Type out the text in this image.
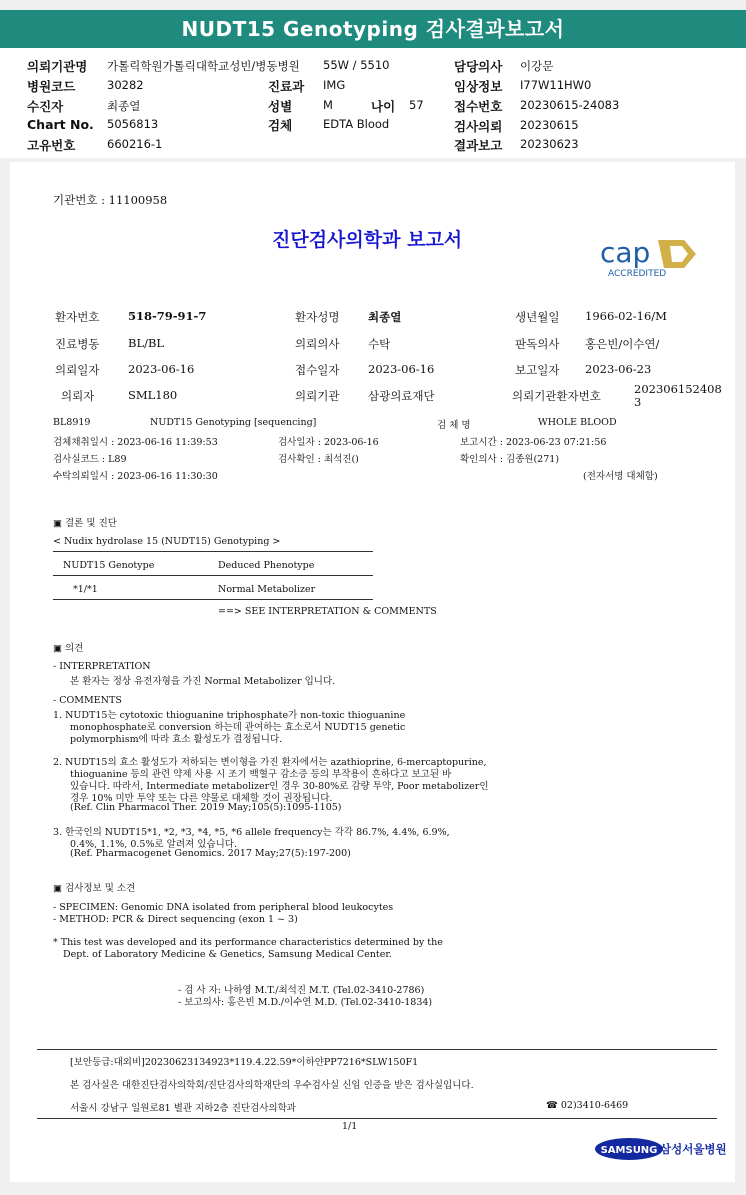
NUDT15 Genotyping 검사결과보고서
의뢰기관명 가톨릭학원가톨릭대학교성빈/병동병원 55W / 5510	담당의사 이강문
병원코드	30282	진료과 IMG	임상정보 I77W11HW0
수진자	최종열	성별	M	나이 57 접수번호 20230615-24083
Chart No. 5056813	검체	EDTA Blood	검사의뢰 20230615
고유번호	660216-1	결과보고 20230623
기관번호 : 11100958
진단검사의학과 보고서	cap
ACCREDITED
환자번호 518-79-91-7	환자성명 최종열	생년월일 1966-02-16/M
진료병동 BL/BL	의뢰의사 수탁	판독의사 홍은빈/이수연/
의뢰일자 2023-06-16	접수일자 2023-06-16	보고일자 2023-06-23
의뢰자	SML180	의뢰기관 삼광의료재단	의뢰기관환자번호	202306152408
3
BL8919	NUDT15 Genotyping [sequencing]	검 체 명	WHOLE BLOOD
검체채취일시 : 2023-06-16 11:39:53	검사일자 : 2023-06-16	보고시간 : 2023-06-23 07:21:56
검사실코드 : L89	검사확인 : 최석진()	확인의사 : 김종원(271)
수탁의뢰일시 : 2023-06-16 11:30:30	(전자서명 대체함)
▣ 결론 및 진단
< Nudix hydrolase 15 (NUDT15) Genotyping >
NUDT15 Genotype	Deduced Phenotype
*1/*1	Normal Metabolizer
==> SEE INTERPRETATION & COMMENTS
▣ 의견
- INTERPRETATION
본 환자는 정상 유전자형을 가진 Normal Metabolizer 입니다.
- COMMENTS
1. NUDT15는 cytotoxic thioguanine triphosphate가 non-toxic thioguanine
monophosphate로 conversion 하는데 관여하는 효소로서 NUDT15 genetic
polymorphism에 따라 효소 활성도가 결정됩니다.
2. NUDT15의 효소 활성도가 저하되는 변이형을 가진 환자에서는 azathioprine, 6-mercaptopurine,
thioguanine 등의 관련 약제 사용 시 조기 백혈구 감소증 등의 부작용이 흔하다고 보고된 바
있습니다. 따라서, Intermediate metabolizer인 경우 30-80%로 감량 투약, Poor metabolizer인
경우 10% 미만 투약 또는 다른 약물로 대체할 것이 권장됩니다.
(Ref. Clin Pharmacol Ther. 2019 May;105(5):1095-1105)
3. 한국인의 NUDT15*1, *2, *3, *4, *5, *6 allele frequency는 각각 86.7%, 4.4%, 6.9%,
0.4%, 1.1%, 0.5%로 알려져 있습니다.
(Ref. Pharmacogenet Genomics. 2017 May;27(5):197-200)
▣ 검사정보 및 소견
- SPECIMEN: Genomic DNA isolated from peripheral blood leukocytes
- METHOD: PCR & Direct sequencing (exon 1 ~ 3)
* This test was developed and its performance characteristics determined by the
Dept. of Laboratory Medicine & Genetics, Samsung Medical Center.
- 검 사 자: 나하영 M.T./최석진 M.T. (Tel.02-3410-2786)
- 보고의사: 홍은빈 M.D./이수연 M.D. (Tel.02-3410-1834)
[보안등급:대외비]20230623134923*119.4.22.59*이하얀PP7216*SLW150F1
본 검사실은 대한진단검사의학회/진단검사의학재단의 우수검사실 신임 인증을 받은 검사실입니다.
서울시 강남구 일원로81 별관 지하2층 진단검사의학과	☎ 02)3410-6469
1/1
SAMSUNG 삼성서울병원
